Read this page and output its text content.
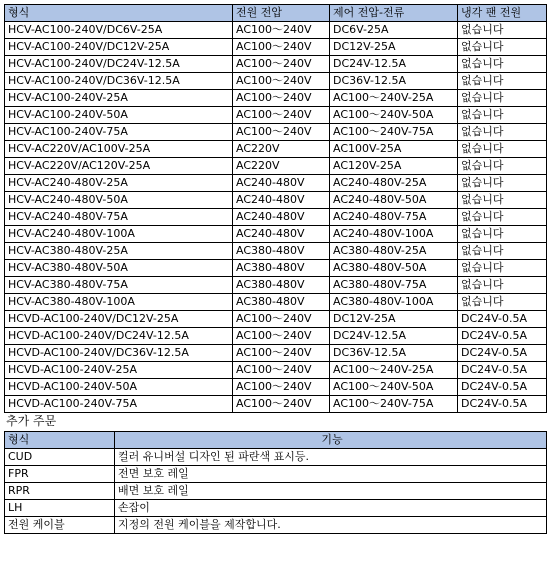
형식	전원 전압	제어 전압-전류	냉각 팬 전원
HCV-AC100-240V/DC6V-25A	AC100～240V	DC6V-25A	없습니다
HCV-AC100-240V/DC12V-25A	AC100～240V	DC12V-25A	없습니다
HCV-AC100-240V/DC24V-12.5A	AC100～240V	DC24V-12.5A	없습니다
HCV-AC100-240V/DC36V-12.5A	AC100～240V	DC36V-12.5A	없습니다
HCV-AC100-240V-25A	AC100～240V	AC100～240V-25A	없습니다
HCV-AC100-240V-50A	AC100～240V	AC100～240V-50A	없습니다
HCV-AC100-240V-75A	AC100～240V	AC100～240V-75A	없습니다
HCV-AC220V/AC100V-25A	AC220V	AC100V-25A	없습니다
HCV-AC220V/AC120V-25A	AC220V	AC120V-25A	없습니다
HCV-AC240-480V-25A	AC240-480V	AC240-480V-25A	없습니다
HCV-AC240-480V-50A	AC240-480V	AC240-480V-50A	없습니다
HCV-AC240-480V-75A	AC240-480V	AC240-480V-75A	없습니다
HCV-AC240-480V-100A	AC240-480V	AC240-480V-100A	없습니다
HCV-AC380-480V-25A	AC380-480V	AC380-480V-25A	없습니다
HCV-AC380-480V-50A	AC380-480V	AC380-480V-50A	없습니다
HCV-AC380-480V-75A	AC380-480V	AC380-480V-75A	없습니다
HCV-AC380-480V-100A	AC380-480V	AC380-480V-100A	없습니다
HCVD-AC100-240V/DC12V-25A	AC100～240V	DC12V-25A	DC24V-0.5A
HCVD-AC100-240V/DC24V-12.5A	AC100～240V	DC24V-12.5A	DC24V-0.5A
HCVD-AC100-240V/DC36V-12.5A	AC100～240V	DC36V-12.5A	DC24V-0.5A
HCVD-AC100-240V-25A	AC100～240V	AC100～240V-25A	DC24V-0.5A
HCVD-AC100-240V-50A	AC100～240V	AC100～240V-50A	DC24V-0.5A
HCVD-AC100-240V-75A	AC100～240V	AC100～240V-75A	DC24V-0.5A
추가 주문
형식	기능
CUD	컬러 유니버설 디자인 된 파란색 표시등.
FPR	전면 보호 레일
RPR	배면 보호 레일
LH	손잡이
전원 케이블	지정의 전원 케이블을 제작합니다.
